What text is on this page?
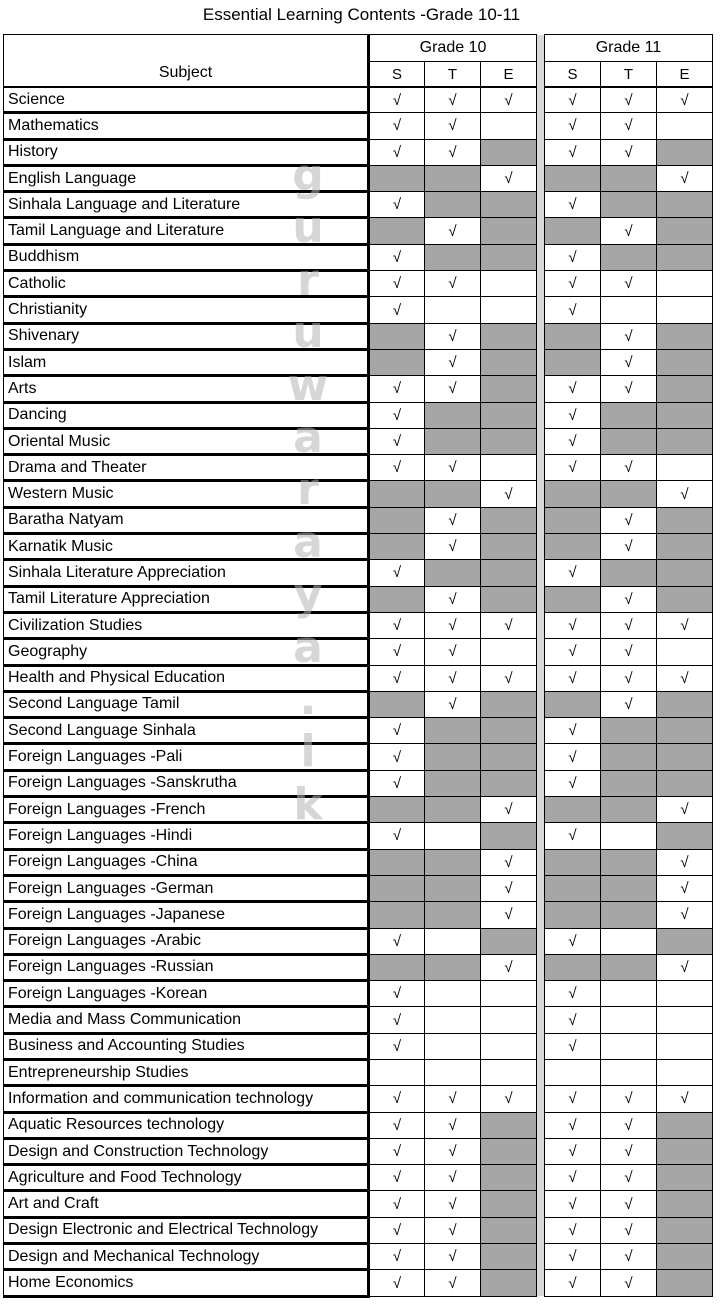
Essential Learning Contents -Grade 10-11
Subject	Grade 10				Grade 11		
	S	T	E		S	T	E
Science	√	√	√		√	√	√
Mathematics	√	√			√	√	
History	√	√			√	√	
English Language			√				√
Sinhala Language and Literature	√				√		
Tamil Language and Literature		√				√	
Buddhism	√				√		
Catholic	√	√			√	√	
Christianity	√				√		
Shivenary		√				√	
Islam		√				√	
Arts	√	√			√	√	
Dancing	√				√		
Oriental Music	√				√		
Drama and Theater	√	√			√	√	
Western Music			√				√
Baratha Natyam		√				√	
Karnatik Music		√				√	
Sinhala Literature Appreciation	√				√		
Tamil Literature Appreciation		√				√	
Civilization Studies	√	√	√		√	√	√
Geography	√	√			√	√	
Health and Physical Education	√	√	√		√	√	√
Second Language Tamil		√				√	
Second Language Sinhala	√				√		
Foreign Languages -Pali	√				√		
Foreign Languages -Sanskrutha	√				√		
Foreign Languages -French			√				√
Foreign Languages -Hindi	√				√		
Foreign Languages -China			√				√
Foreign Languages -German			√				√
Foreign Languages -Japanese			√				√
Foreign Languages -Arabic	√				√		
Foreign Languages -Russian			√				√
Foreign Languages -Korean	√				√		
Media and Mass Communication	√				√		
Business and Accounting Studies	√				√		
Entrepreneurship Studies							
Information and communication technology	√	√	√		√	√	√
Aquatic Resources technology	√	√			√	√	
Design and Construction Technology	√	√			√	√	
Agriculture and Food Technology	√	√			√	√	
Art and Craft	√	√			√	√	
Design Electronic and Electrical Technology	√	√			√	√	
Design and Mechanical Technology	√	√			√	√	
Home Economics	√	√			√	√	
g
u
r
u
w
a
r
a
y
a
.
l
k
